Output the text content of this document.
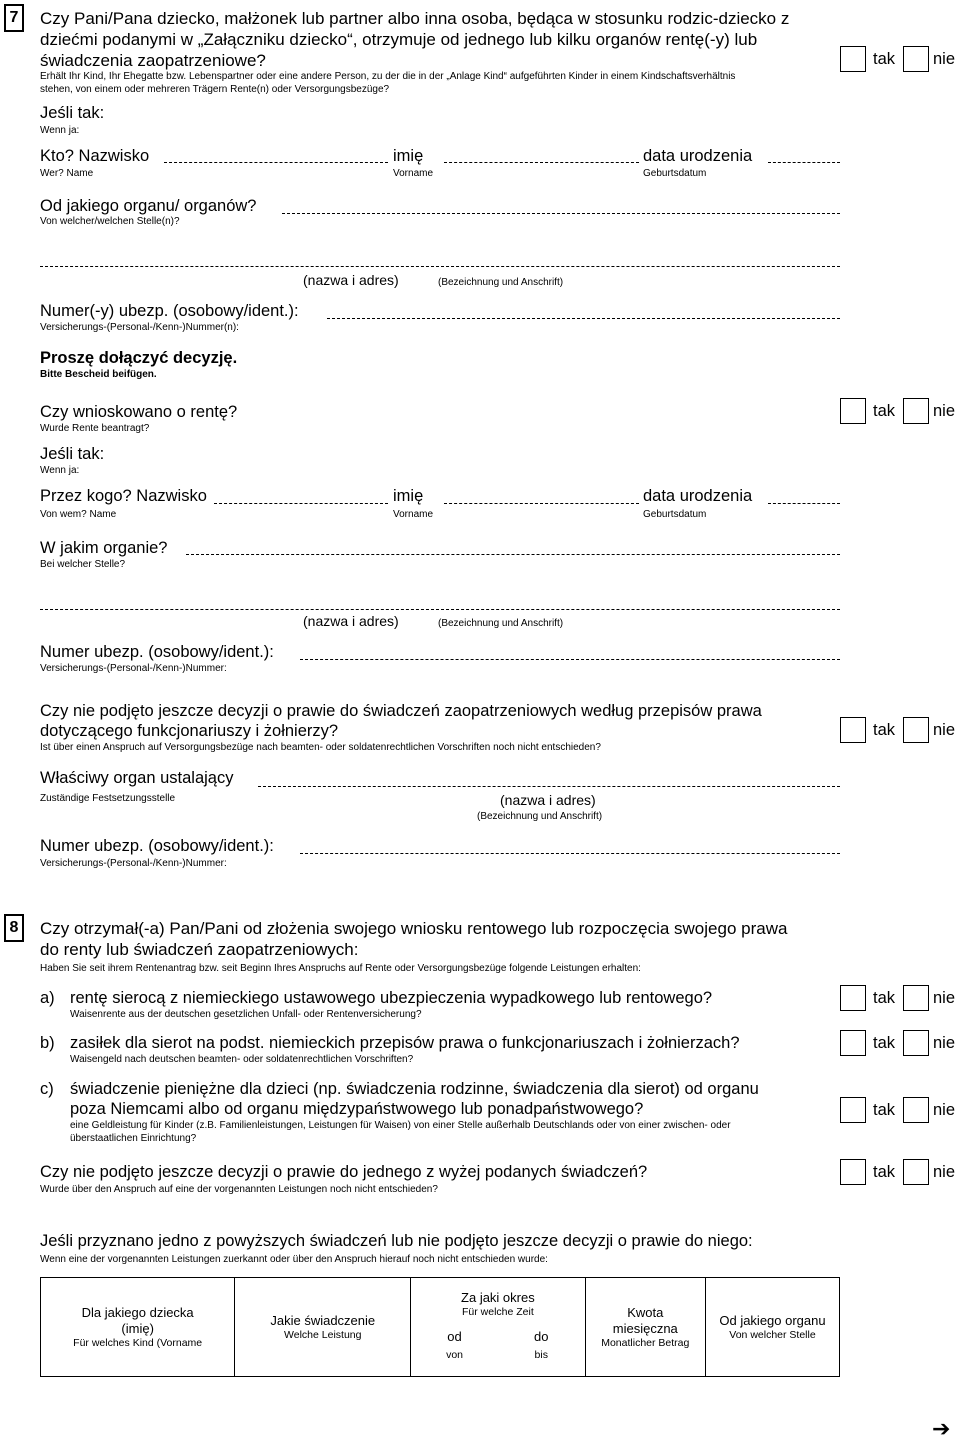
7	Czy Pani/Pana dziecko, małżonek lub partner albo inna osoba, będąca w stosunku rodzic-dziecko z
dziećmi podanymi w „Załączniku dziecko“, otrzymuje od jednego lub kilku organów rentę(-y) lub
świadczenia zaopatrzeniowe?
Erhält Ihr Kind, Ihr Ehegatte bzw. Lebenspartner oder eine andere Person, zu der die in der „Anlage Kind“ aufgeführten Kinder in einem Kindschaftsverhältnis
stehen, von einem oder mehreren Trägern Rente(n) oder Versorgungsbezüge?
tak nie
Jeśli tak:
Wenn ja:
Kto? Nazwisko	imię	data urodzenia
Wer? Name	Vorname	Geburtsdatum
Od jakiego organu/ organów?
Von welcher/welchen Stelle(n)?
(nazwa i adres)	(Bezeichnung und Anschrift)
Numer(-y) ubezp. (osobowy/ident.):
Versicherungs-(Personal-/Kenn-)Nummer(n):
Proszę dołączyć decyzję.
Bitte Bescheid beifügen.
Czy wnioskowano o rentę?
Wurde Rente beantragt?
tak nie
Jeśli tak:
Wenn ja:
Przez kogo? Nazwisko	imię	data urodzenia
Von wem? Name	Vorname	Geburtsdatum
W jakim organie?
Bei welcher Stelle?
(nazwa i adres)	(Bezeichnung und Anschrift)
Numer ubezp. (osobowy/ident.):
Versicherungs-(Personal-/Kenn-)Nummer:
Czy nie podjęto jeszcze decyzji o prawie do świadczeń zaopatrzeniowych według przepisów prawa
dotyczącego funkcjonariuszy i żołnierzy?
Ist über einen Anspruch auf Versorgungsbezüge nach beamten- oder soldatenrechtlichen Vorschriften noch nicht entschieden?
tak nie
Właściwy organ ustalający
Zuständige Festsetzungsstelle	(nazwa i adres)
(Bezeichnung und Anschrift)
Numer ubezp. (osobowy/ident.):
Versicherungs-(Personal-/Kenn-)Nummer:
8	Czy otrzymał(-a) Pan/Pani od złożenia swojego wniosku rentowego lub rozpoczęcia swojego prawa
do renty lub świadczeń zaopatrzeniowych:
Haben Sie seit ihrem Rentenantrag bzw. seit Beginn Ihres Anspruchs auf Rente oder Versorgungsbezüge folgende Leistungen erhalten:
a) rentę sierocą z niemieckiego ustawowego ubezpieczenia wypadkowego lub rentowego?
Waisenrente aus der deutschen gesetzlichen Unfall- oder Rentenversicherung?
tak nie
b) zasiłek dla sierot na podst. niemieckich przepisów prawa o funkcjonariuszach i żołnierzach?
Waisengeld nach deutschen beamten- oder soldatenrechtlichen Vorschriften?
tak nie
c) świadczenie pieniężne dla dzieci (np. świadczenia rodzinne, świadczenia dla sierot) od organu
poza Niemcami albo od organu międzypaństwowego lub ponadpaństwowego?
eine Geldleistung für Kinder (z.B. Familienleistungen, Leistungen für Waisen) von einer Stelle außerhalb Deutschlands oder von einer zwischen- oder
überstaatlichen Einrichtung?
tak nie
Czy nie podjęto jeszcze decyzji o prawie do jednego z wyżej podanych świadczeń?
Wurde über den Anspruch auf eine der vorgenannten Leistungen noch nicht entschieden?
tak nie
Jeśli przyznano jedno z powyższych świadczeń lub nie podjęto jeszcze decyzji o prawie do niego:
Wenn eine der vorgenannten Leistungen zuerkannt oder über den Anspruch hierauf noch nicht entschieden wurde:
Dla jakiego dziecka
(imię)
Für welches Kind (Vorname

Jakie świadczenie
Welche Leistung

Za jaki okres
Für welche Zeit
od
von
do
bis

Kwota
miesięczna
Monatlicher Betrag

Od jakiego organu
Von welcher Stelle
➔
